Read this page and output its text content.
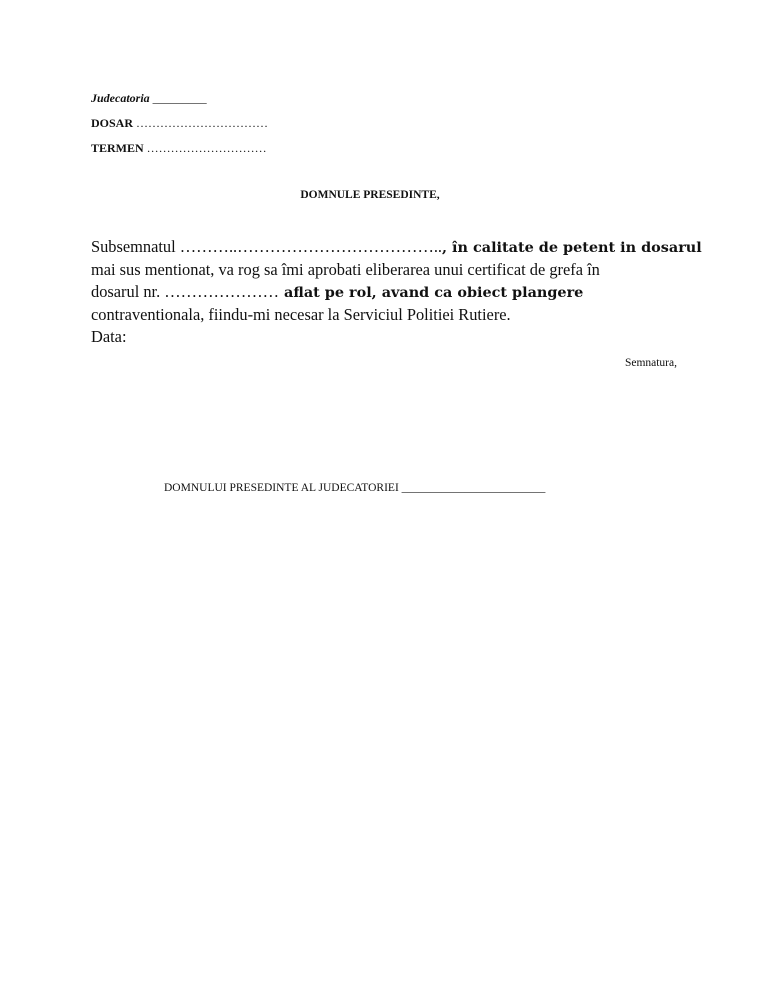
Judecatoria _________
DOSAR ……………………………
TERMEN …………………………
DOMNULE PRESEDINTE,
Subsemnatul ………..……………………………….., în calitate de petent in dosarul
mai sus mentionat, va rog sa îmi aprobati eliberarea unui certificat de grefa în
dosarul nr. ………………… aflat pe rol, avand ca obiect plangere
contraventionala, fiindu-mi necesar la Serviciul Politiei Rutiere.
Data:
Semnatura,
DOMNULUI PRESEDINTE AL JUDECATORIEI _________________________
